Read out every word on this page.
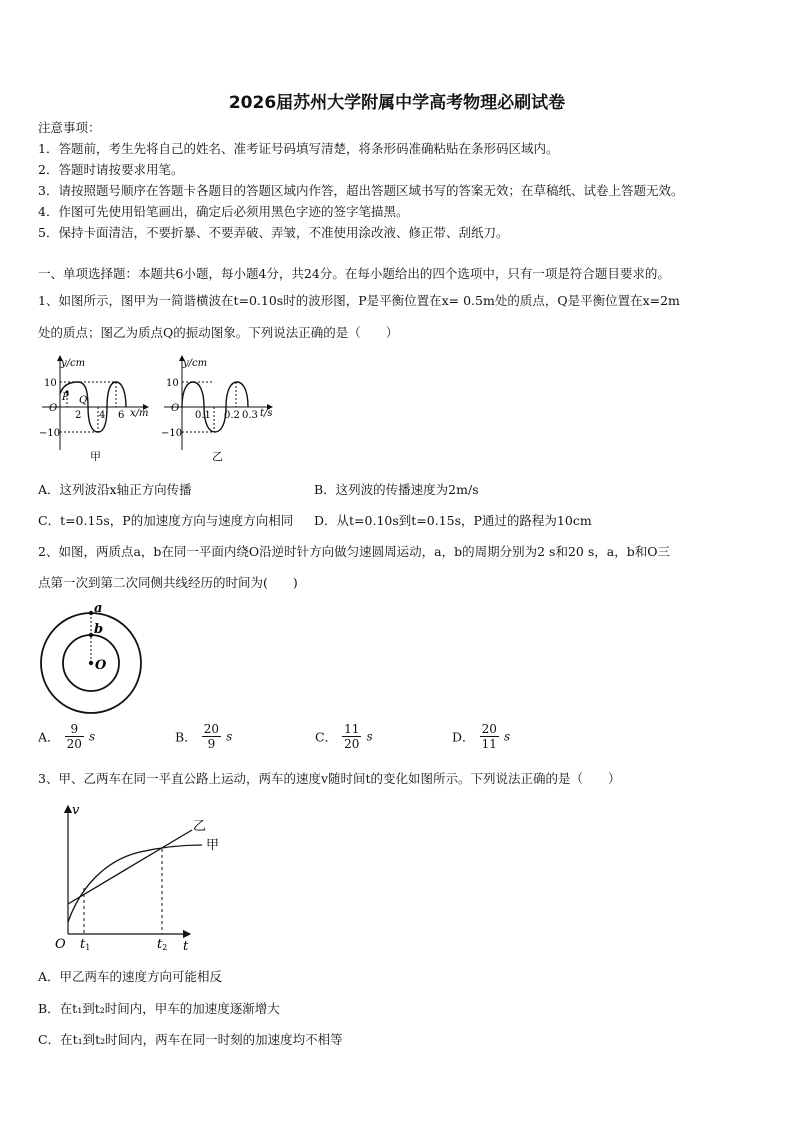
2026届苏州大学附属中学高考物理必刷试卷
注意事项：
1．答题前，考生先将自己的姓名、准考证号码填写清楚，将条形码准确粘贴在条形码区域内。
2．答题时请按要求用笔。
3．请按照题号顺序在答题卡各题目的答题区域内作答，超出答题区域书写的答案无效；在草稿纸、试卷上答题无效。
4．作图可先使用铅笔画出，确定后必须用黑色字迹的签字笔描黑。
5．保持卡面清洁，不要折暴、不要弄破、弄皱，不准使用涂改液、修正带、刮纸刀。
一、单项选择题：本题共6小题，每小题4分，共24分。在每小题给出的四个选项中，只有一项是符合题目要求的。
1、如图所示，图甲为一简谐横波在t=0.10s时的波形图，P是平衡位置在x= 0.5m处的质点，Q是平衡位置在x=2m
处的质点；图乙为质点Q的振动图象。下列说法正确的是（　　）
y/cm
10
O
−10
P Q
2 4 6 x/m
甲
y/cm
10
O
−10
0.1 0.2 0.3 t/s
乙
A．这列波沿x轴正方向传播	B．这列波的传播速度为2m/s
C．t=0.15s，P的加速度方向与速度方向相同 D．从t=0.10s到t=0.15s，P通过的路程为10cm
2、如图，两质点a，b在同一平面内绕O沿逆时针方向做匀速圆周运动，a，b的周期分别为2 s和20 s，a，b和O三
点第一次到第二次同侧共线经历的时间为(　　)
a
b
O
A． $\frac{9}{20}$ s	B． $\frac{20}{9}$ s	C． $\frac{11}{20}$ s	D． $\frac{20}{11}$ s
3、甲、乙两车在同一平直公路上运动，两车的速度v随时间t的变化如图所示。下列说法正确的是（　　）
v
t
O t1	t2
乙
甲
A．甲乙两车的速度方向可能相反
B．在t₁到t₂时间内，甲车的加速度逐渐增大
C．在t₁到t₂时间内，两车在同一时刻的加速度均不相等
